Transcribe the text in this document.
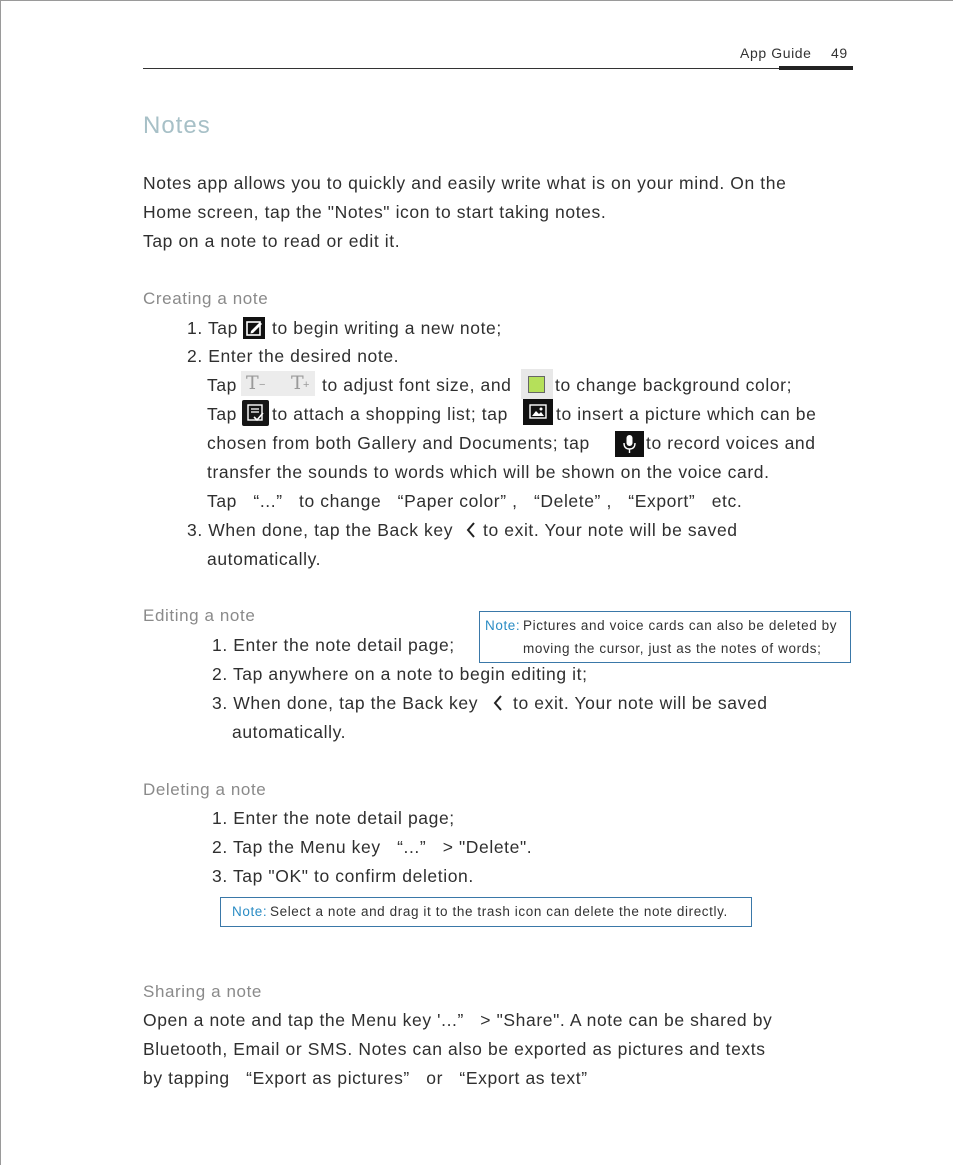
App Guide 49
Notes
Notes app allows you to quickly and easily write what is on your mind. On the
Home screen, tap the "Notes" icon to start taking notes.
Tap on a note to read or edit it.
Creating a note
1. Tap to begin writing a new note;
2. Enter the desired note.
Tap T − T
+ to adjust font size, and to change background color;
Tap to attach a shopping list; tap	to insert a picture which can be
chosen from both Gallery and Documents; tap	to record voices and
transfer the sounds to words which will be shown on the voice card.
Tap   “...”   to change   “Paper color” ,   “Delete” ,   “Export”   etc.
3. When done, tap the Back key to exit. Your note will be saved
automatically.
Editing a note
Note: Pictures and voice cards can also be deleted by
moving the cursor, just as the notes of words;
1. Enter the note detail page;
2. Tap anywhere on a note to begin editing it;
3. When done, tap the Back key to exit. Your note will be saved
automatically.
Deleting a note
1. Enter the note detail page;
2. Tap the Menu key   “...”   > "Delete".
3. Tap "OK" to confirm deletion.
Note: Select a note and drag it to the trash icon can delete the note directly.
Sharing a note
Open a note and tap the Menu key '...”   > "Share". A note can be shared by
Bluetooth, Email or SMS. Notes can also be exported as pictures and texts
by tapping   “Export as pictures”   or   “Export as text”
